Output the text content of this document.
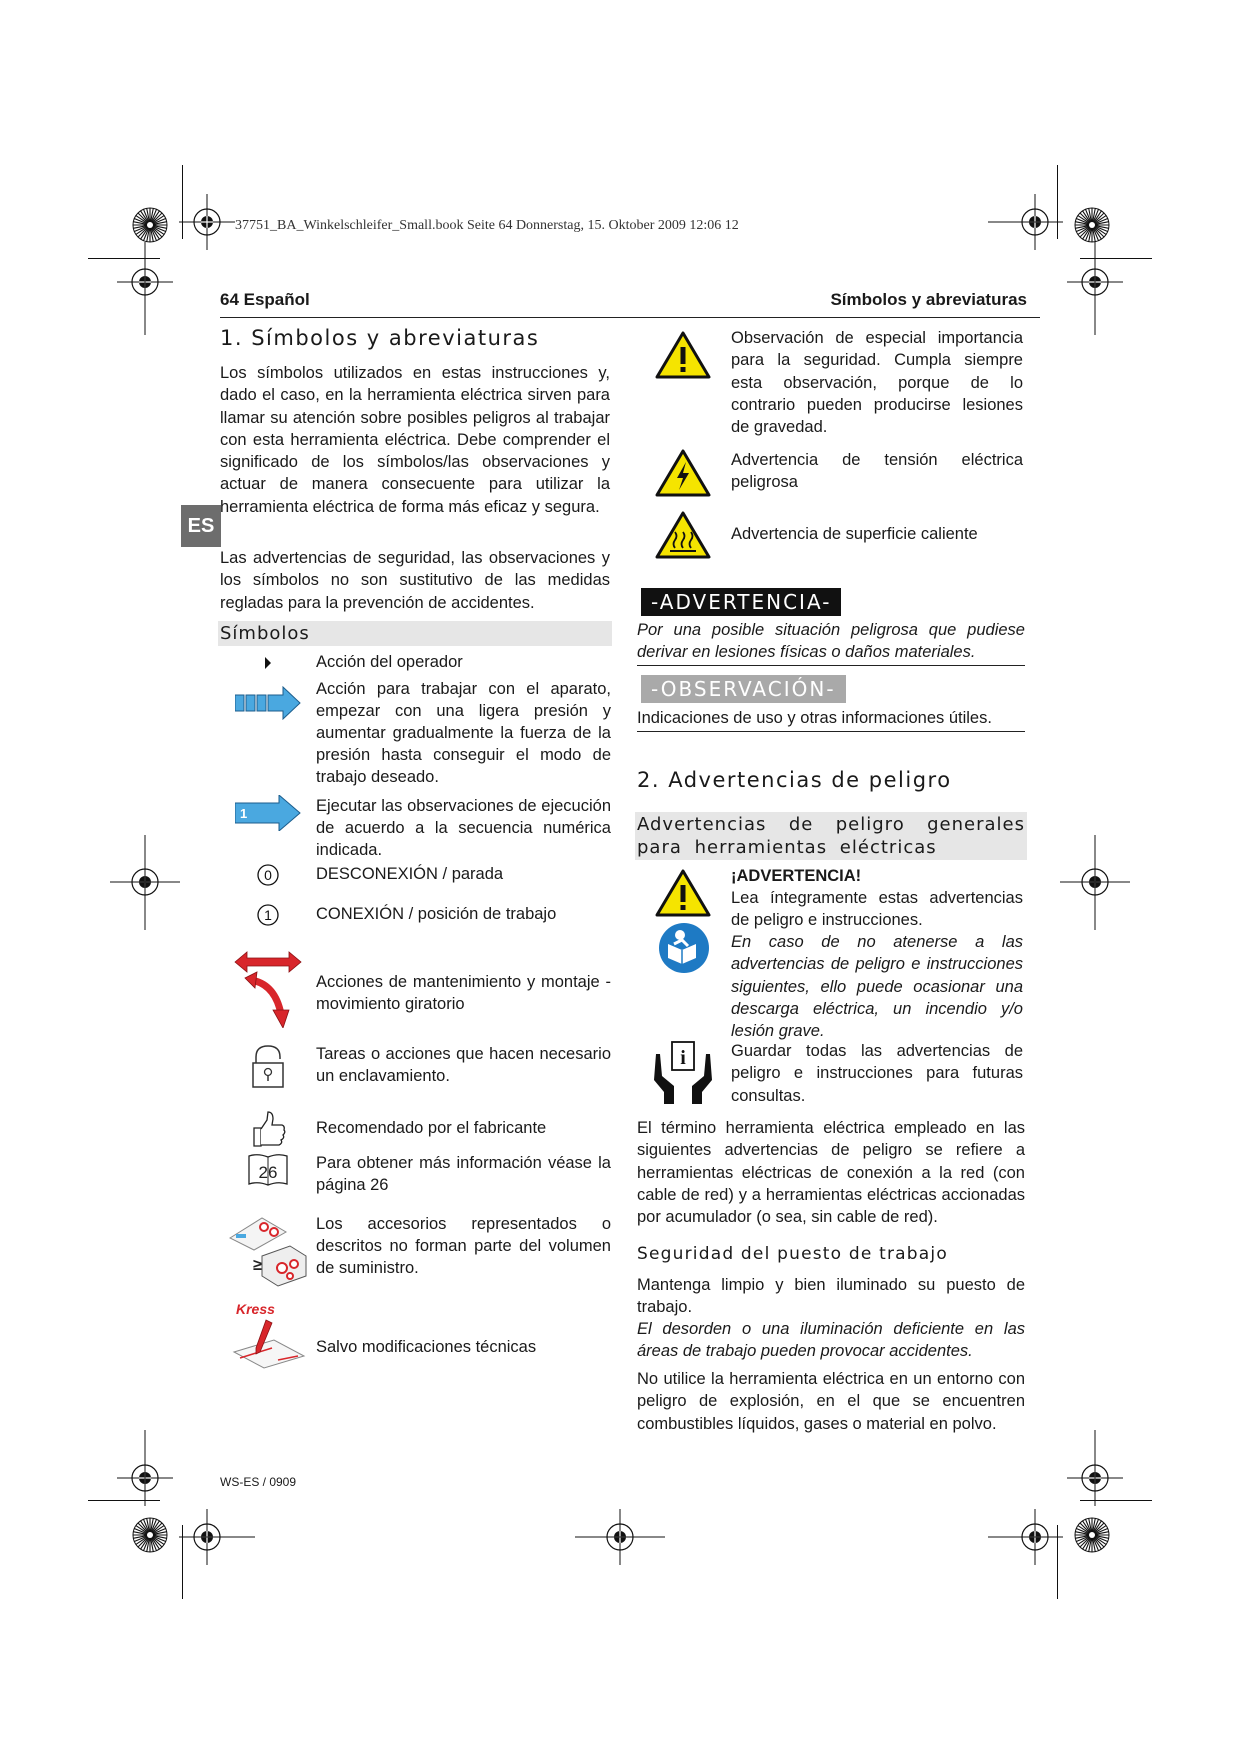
37751_BA_Winkelschleifer_Small.book Seite 64 Donnerstag, 15. Oktober 2009 12:06 12
64 Español	Símbolos y abreviaturas
ES
1. Símbolos y abreviaturas
Los símbolos utilizados en estas instrucciones y, dado el caso, en la herramienta eléctrica sirven para llamar su atención sobre posibles peligros al trabajar con esta herramienta eléctrica. Debe comprender el significado de los símbolos/las observaciones y actuar de manera consecuente para utilizar la herramienta eléctrica de forma más eficaz y segura.
Las advertencias de seguridad, las observaciones y los símbolos no son sustitutivo de las medidas regladas para la prevención de accidentes.
Símbolos
Acción del operador
Acción para trabajar con el aparato, empezar con una ligera presión y aumentar gradualmente la fuerza de la presión hasta conseguir el modo de trabajo deseado.
1	Ejecutar las observaciones de ejecución de acuerdo a la secuencia numérica indicada.
0	DESCONEXIÓN / parada
1	CONEXIÓN / posición de trabajo
Acciones de mantenimiento y montaje - movimiento giratorio
Tareas o acciones que hacen necesario un enclavamiento.
Recomendado por el fabricante
26 Para obtener más información véase la página 26
≥
Los accesorios representados o descritos no forman parte del volumen de suministro.
Kress
Salvo modificaciones técnicas
Observación de especial importancia para la seguridad. Cumpla siempre esta observación, porque de lo contrario pueden producirse lesiones de gravedad.
Advertencia de tensión eléctrica peligrosa
Advertencia de superficie caliente
-ADVERTENCIA-
Por una posible situación peligrosa que pudiese derivar en lesiones físicas o daños materiales.
-OBSERVACIÓN-
Indicaciones de uso y otras informaciones útiles.
2. Advertencias de peligro
Advertencias de peligro generales para herramientas eléctricas
¡ADVERTENCIA!
Lea íntegramente estas advertencias de peligro e instrucciones.
En caso de no atenerse a las advertencias de peligro e instrucciones siguientes, ello puede ocasionar una descarga eléctrica, un incendio y/o lesión grave.
i	Guardar todas las advertencias de peligro e instrucciones para futuras consultas.
El término herramienta eléctrica empleado en las siguientes advertencias de peligro se refiere a herramientas eléctricas de conexión a la red (con cable de red) y a herramientas eléctricas accionadas por acumulador (o sea, sin cable de red).
Seguridad del puesto de trabajo
Mantenga limpio y bien iluminado su puesto de trabajo.
El desorden o una iluminación deficiente en las áreas de trabajo pueden provocar accidentes.
No utilice la herramienta eléctrica en un entorno con peligro de explosión, en el que se encuentren combustibles líquidos, gases o material en polvo.
WS-ES / 0909
